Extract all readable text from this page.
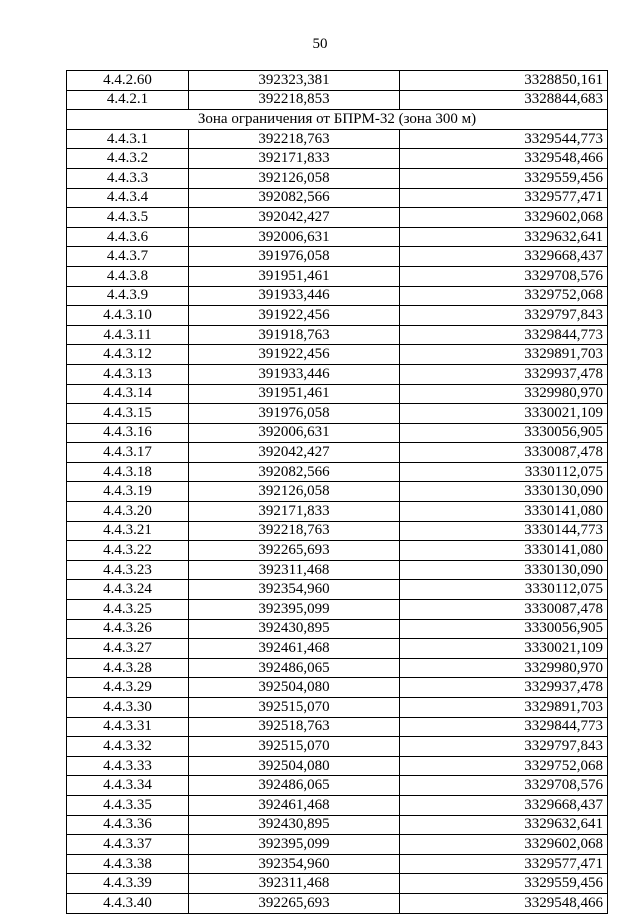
50
4.4.2.60	392323,381	3328850,161
4.4.2.1	392218,853	3328844,683
Зона ограничения от БПРМ-32 (зона 300 м)		
4.4.3.1	392218,763	3329544,773
4.4.3.2	392171,833	3329548,466
4.4.3.3	392126,058	3329559,456
4.4.3.4	392082,566	3329577,471
4.4.3.5	392042,427	3329602,068
4.4.3.6	392006,631	3329632,641
4.4.3.7	391976,058	3329668,437
4.4.3.8	391951,461	3329708,576
4.4.3.9	391933,446	3329752,068
4.4.3.10	391922,456	3329797,843
4.4.3.11	391918,763	3329844,773
4.4.3.12	391922,456	3329891,703
4.4.3.13	391933,446	3329937,478
4.4.3.14	391951,461	3329980,970
4.4.3.15	391976,058	3330021,109
4.4.3.16	392006,631	3330056,905
4.4.3.17	392042,427	3330087,478
4.4.3.18	392082,566	3330112,075
4.4.3.19	392126,058	3330130,090
4.4.3.20	392171,833	3330141,080
4.4.3.21	392218,763	3330144,773
4.4.3.22	392265,693	3330141,080
4.4.3.23	392311,468	3330130,090
4.4.3.24	392354,960	3330112,075
4.4.3.25	392395,099	3330087,478
4.4.3.26	392430,895	3330056,905
4.4.3.27	392461,468	3330021,109
4.4.3.28	392486,065	3329980,970
4.4.3.29	392504,080	3329937,478
4.4.3.30	392515,070	3329891,703
4.4.3.31	392518,763	3329844,773
4.4.3.32	392515,070	3329797,843
4.4.3.33	392504,080	3329752,068
4.4.3.34	392486,065	3329708,576
4.4.3.35	392461,468	3329668,437
4.4.3.36	392430,895	3329632,641
4.4.3.37	392395,099	3329602,068
4.4.3.38	392354,960	3329577,471
4.4.3.39	392311,468	3329559,456
4.4.3.40	392265,693	3329548,466
